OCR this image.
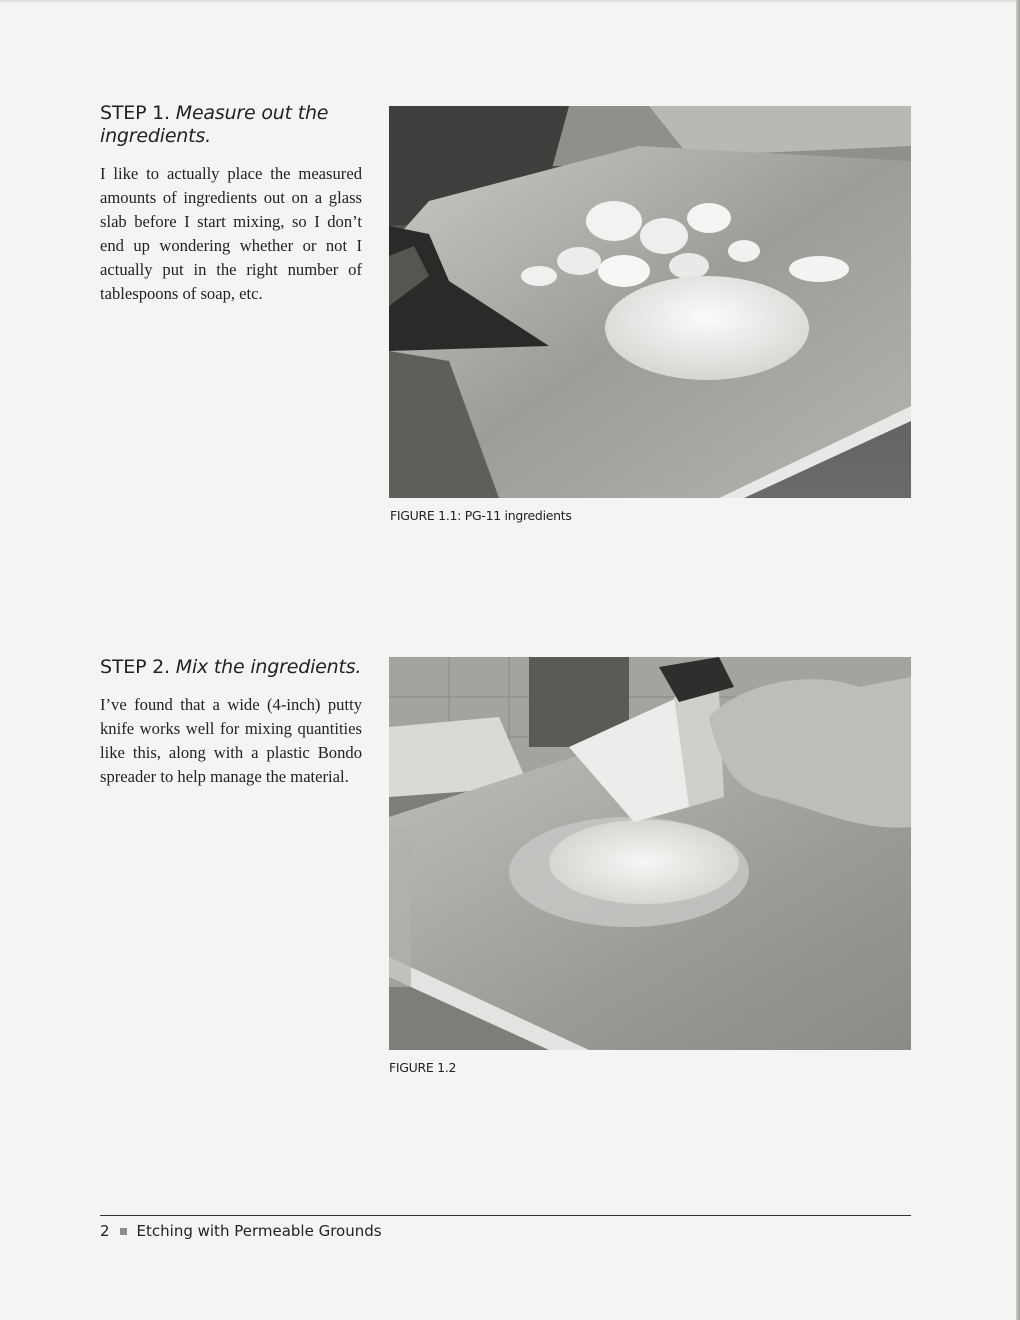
STEP 1. Measure out the ingredients.

I like to actually place the measured amounts of ingredients out on a glass slab before I start mixing, so I don’t end up wondering whether or not I actually put in the right number of tablespoons of soap, etc.

FIGURE 1.1: PG-11 ingredients
STEP 2. Mix the ingredients.

I’ve found that a wide (4-inch) putty knife works well for mixing quantities like this, along with a plastic Bondo spreader to help manage the material.

FIGURE 1.2
2 Etching with Permeable Grounds
